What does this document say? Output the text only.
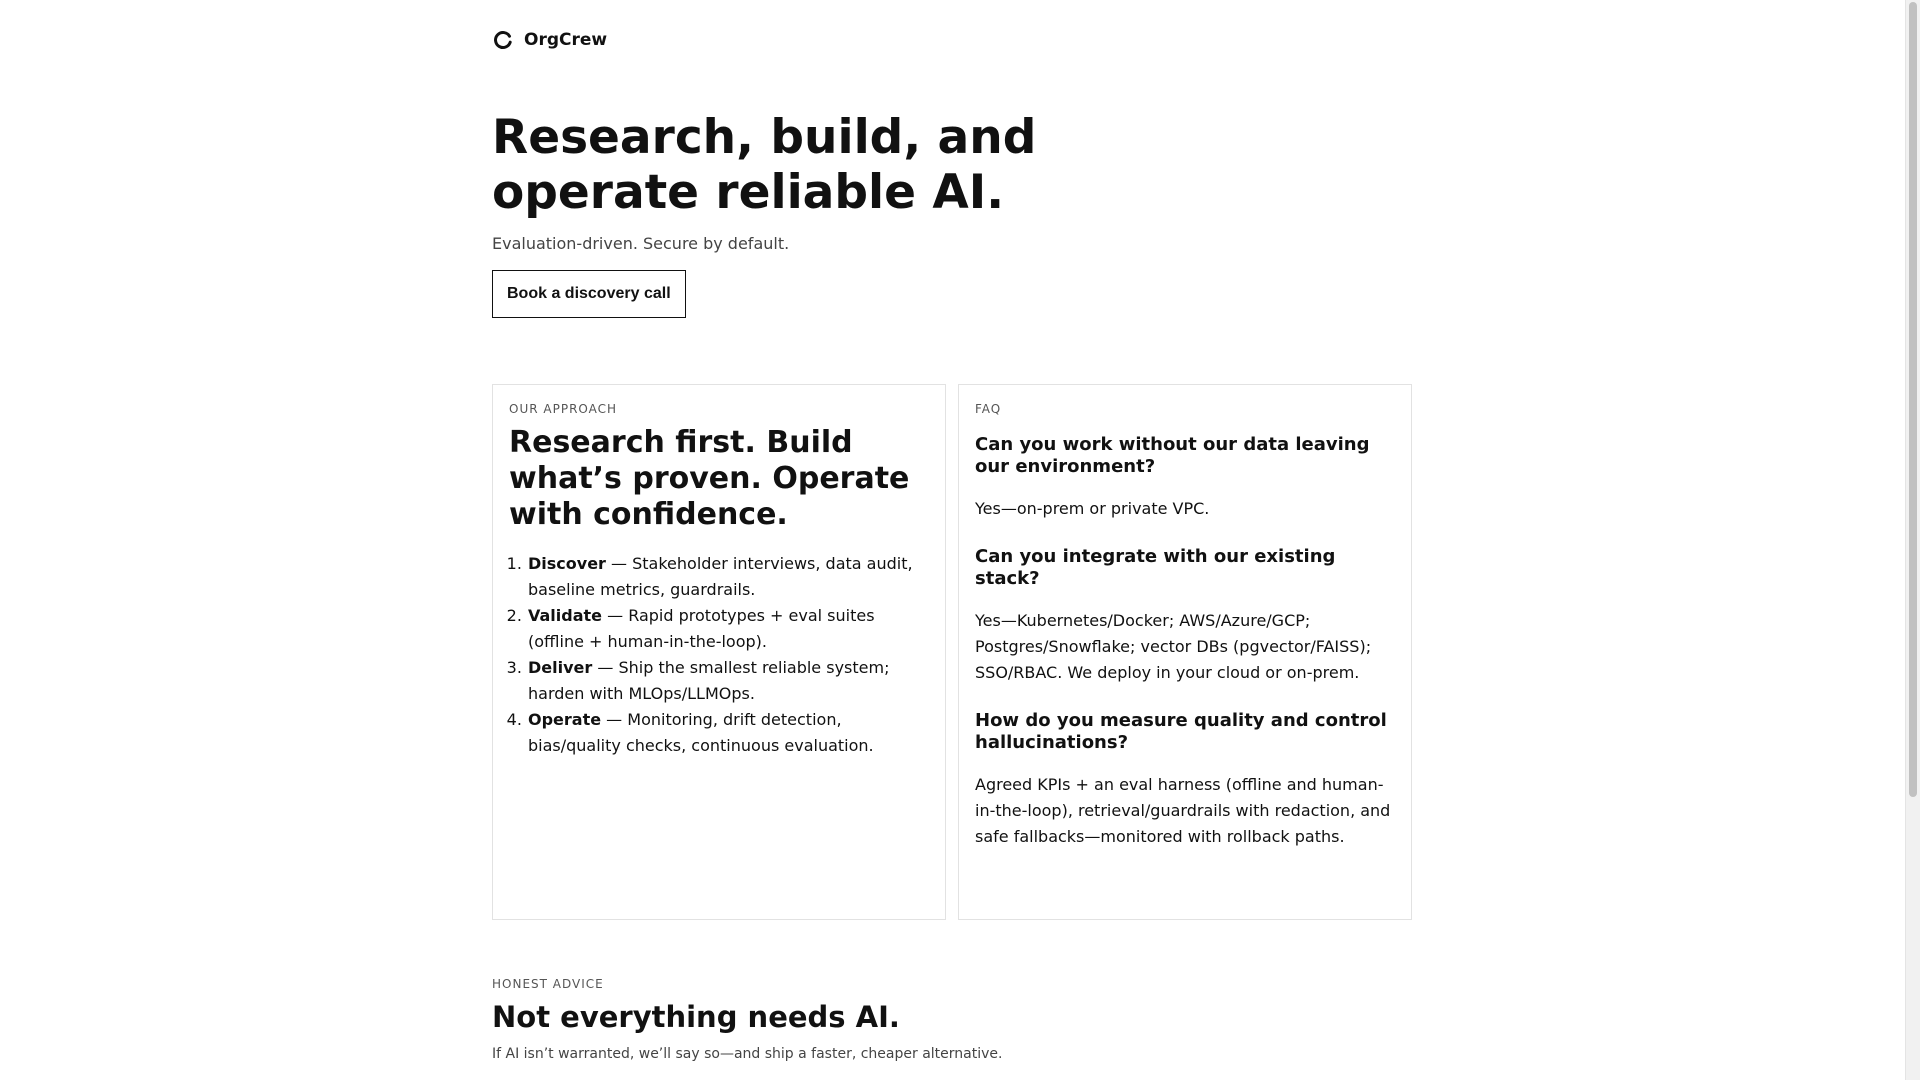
OrgCrew
Research, build, and operate reliable AI.
Evaluation-driven. Secure by default.
Book a discovery call
OUR APPROACH
Research first. Build what’s proven. Operate with confidence.
1. Discover — Stakeholder interviews, data audit, baseline metrics, guardrails.
2. Validate — Rapid prototypes + eval suites (offline + human-in-the-loop).
3. Deliver — Ship the smallest reliable system; harden with MLOps/LLMOps.
4. Operate — Monitoring, drift detection, bias/quality checks, continuous evaluation.
FAQ
Can you work without our data leaving our environment?
Yes—on-prem or private VPC.
Can you integrate with our existing stack?
Yes—Kubernetes/Docker; AWS/Azure/GCP; Postgres/Snowflake; vector DBs (pgvector/FAISS); SSO/RBAC. We deploy in your cloud or on-prem.
How do you measure quality and control hallucinations?
Agreed KPIs + an eval harness (offline and human-in-the-loop), retrieval/guardrails with redaction, and safe fallbacks—monitored with rollback paths.
HONEST ADVICE
Not everything needs AI.
If AI isn’t warranted, we’ll say so—and ship a faster, cheaper alternative.
